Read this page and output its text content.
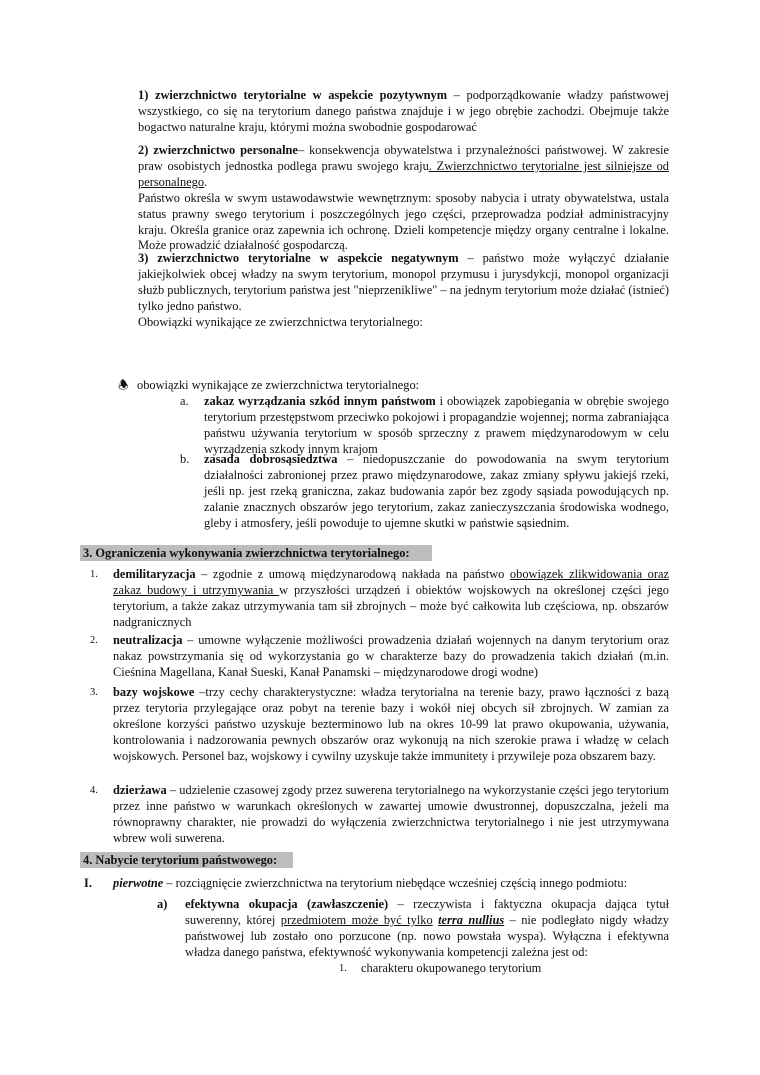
1) zwierzchnictwo terytorialne w aspekcie pozytywnym – podporządkowanie władzy państwowej wszystkiego, co się na terytorium danego państwa znajduje i w jego obrębie zachodzi. Obejmuje także bogactwo naturalne kraju, którymi można swobodnie gospodarować

2) zwierzchnictwo personalne– konsekwencja obywatelstwa i przynależności państwowej. W zakresie praw osobistych jednostka podlega prawu swojego kraju. Zwierzchnictwo terytorialne jest silniejsze od personalnego.

Państwo określa w swym ustawodawstwie wewnętrznym: sposoby nabycia i utraty obywatelstwa, ustala status prawny swego terytorium i poszczególnych jego części, przeprowadza podział administracyjny kraju. Określa granice oraz zapewnia ich ochronę. Dzieli kompetencje między organy centralne i lokalne. Może prowadzić działalność gospodarczą.

3) zwierzchnictwo terytorialne w aspekcie negatywnym – państwo może wyłączyć działanie jakiejkolwiek obcej władzy na swym terytorium, monopol przymusu i jurysdykcji, monopol organizacji służb publicznych, terytorium państwa jest "nieprzenikliwe" – na jednym terytorium może działać (istnieć) tylko jedno państwo.

Obowiązki wynikające ze zwierzchnictwa terytorialnego:

🕭 obowiązki wynikające ze zwierzchnictwa terytorialnego:

a. zakaz wyrządzania szkód innym państwom i obowiązek zapobiegania w obrębie swojego terytorium przestępstwom przeciwko pokojowi i propagandzie wojennej; norma zabraniająca państwu używania terytorium w sposób sprzeczny z prawem międzynarodowym w celu wyrządzenia szkody innym krajom

b. zasada dobrosąsiedztwa – niedopuszczanie do powodowania na swym terytorium działalności zabronionej przez prawo międzynarodowe, zakaz zmiany spływu jakiejś rzeki, jeśli np. jest rzeką graniczna, zakaz budowania zapór bez zgody sąsiada powodujących np. zalanie znacznych obszarów jego terytorium, zakaz zanieczyszczania środowiska wodnego, gleby i atmosfery, jeśli powoduje to ujemne skutki w państwie sąsiednim.

3. Ograniczenia wykonywania zwierzchnictwa terytorialnego:
1. demilitaryzacja – zgodnie z umową międzynarodową nakłada na państwo obowiązek zlikwidowania oraz zakaz budowy i utrzymywania w przyszłości urządzeń i obiektów wojskowych na określonej części jego terytorium, a także zakaz utrzymywania tam sił zbrojnych – może być całkowita lub częściowa, np. obszarów nadgranicznych

2. neutralizacja – umowne wyłączenie możliwości prowadzenia działań wojennych na danym terytorium oraz nakaz powstrzymania się od wykorzystania go w charakterze bazy do prowadzenia takich działań (m.in. Cieśnina Magellana, Kanał Sueski, Kanał Panamski – międzynarodowe drogi wodne)

3. bazy wojskowe –trzy cechy charakterystyczne: władza terytorialna na terenie bazy, prawo łączności z bazą przez terytoria przylegające oraz pobyt na terenie bazy i wokół niej obcych sił zbrojnych. W zamian za określone korzyści państwo uzyskuje bezterminowo lub na okres 10-99 lat prawo okupowania, używania, kontrolowania i nadzorowania pewnych obszarów oraz wykonują na nich szerokie prawa i władzę w celach wojskowych. Personel baz, wojskowy i cywilny uzyskuje także immunitety i przywileje poza obszarem bazy.

4. dzierżawa – udzielenie czasowej zgody przez suwerena terytorialnego na wykorzystanie części jego terytorium przez inne państwo w warunkach określonych w zawartej umowie dwustronnej, dopuszczalna, jeżeli ma równoprawny charakter, nie prowadzi do wyłączenia zwierzchnictwa terytorialnego i nie jest utrzymywana wbrew woli suwerena.

4. Nabycie terytorium państwowego:
I. pierwotne – rozciągnięcie zwierzchnictwa na terytorium niebędące wcześniej częścią innego podmiotu:

a) efektywna okupacja (zawłaszczenie) – rzeczywista i faktyczna okupacja dająca tytuł suwerenny, której przedmiotem może być tylko terra nullius – nie podległato nigdy władzy państwowej lub zostało ono porzucone (np. nowo powstała wyspa). Wyłączna i efektywna władza danego państwa, efektywność wykonywania kompetencji zależna jest od:

1. charakteru okupowanego terytorium
